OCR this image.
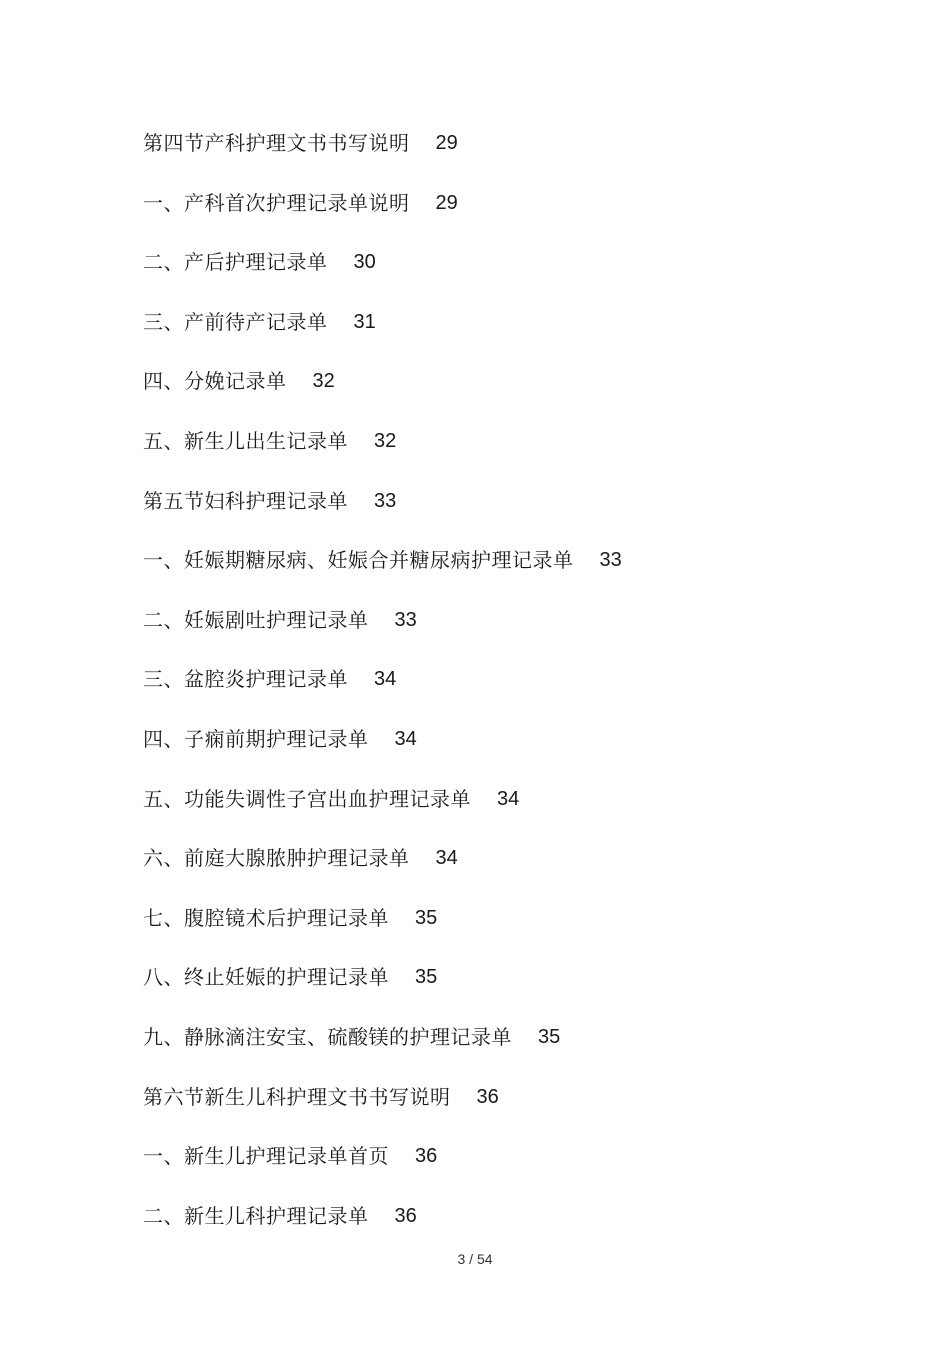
第四节产科护理文书书写说明 29
一、产科首次护理记录单说明 29
二、产后护理记录单 30
三、产前待产记录单 31
四、分娩记录单 32
五、新生儿出生记录单 32
第五节妇科护理记录单 33
一、妊娠期糖尿病、妊娠合并糖尿病护理记录单 33
二、妊娠剧吐护理记录单 33
三、盆腔炎护理记录单 34
四、子痫前期护理记录单 34
五、功能失调性子宫出血护理记录单 34
六、前庭大腺脓肿护理记录单 34
七、腹腔镜术后护理记录单 35
八、终止妊娠的护理记录单 35
九、静脉滴注安宝、硫酸镁的护理记录单 35
第六节新生儿科护理文书书写说明 36
一、新生儿护理记录单首页 36
二、新生儿科护理记录单 36
3 / 54
